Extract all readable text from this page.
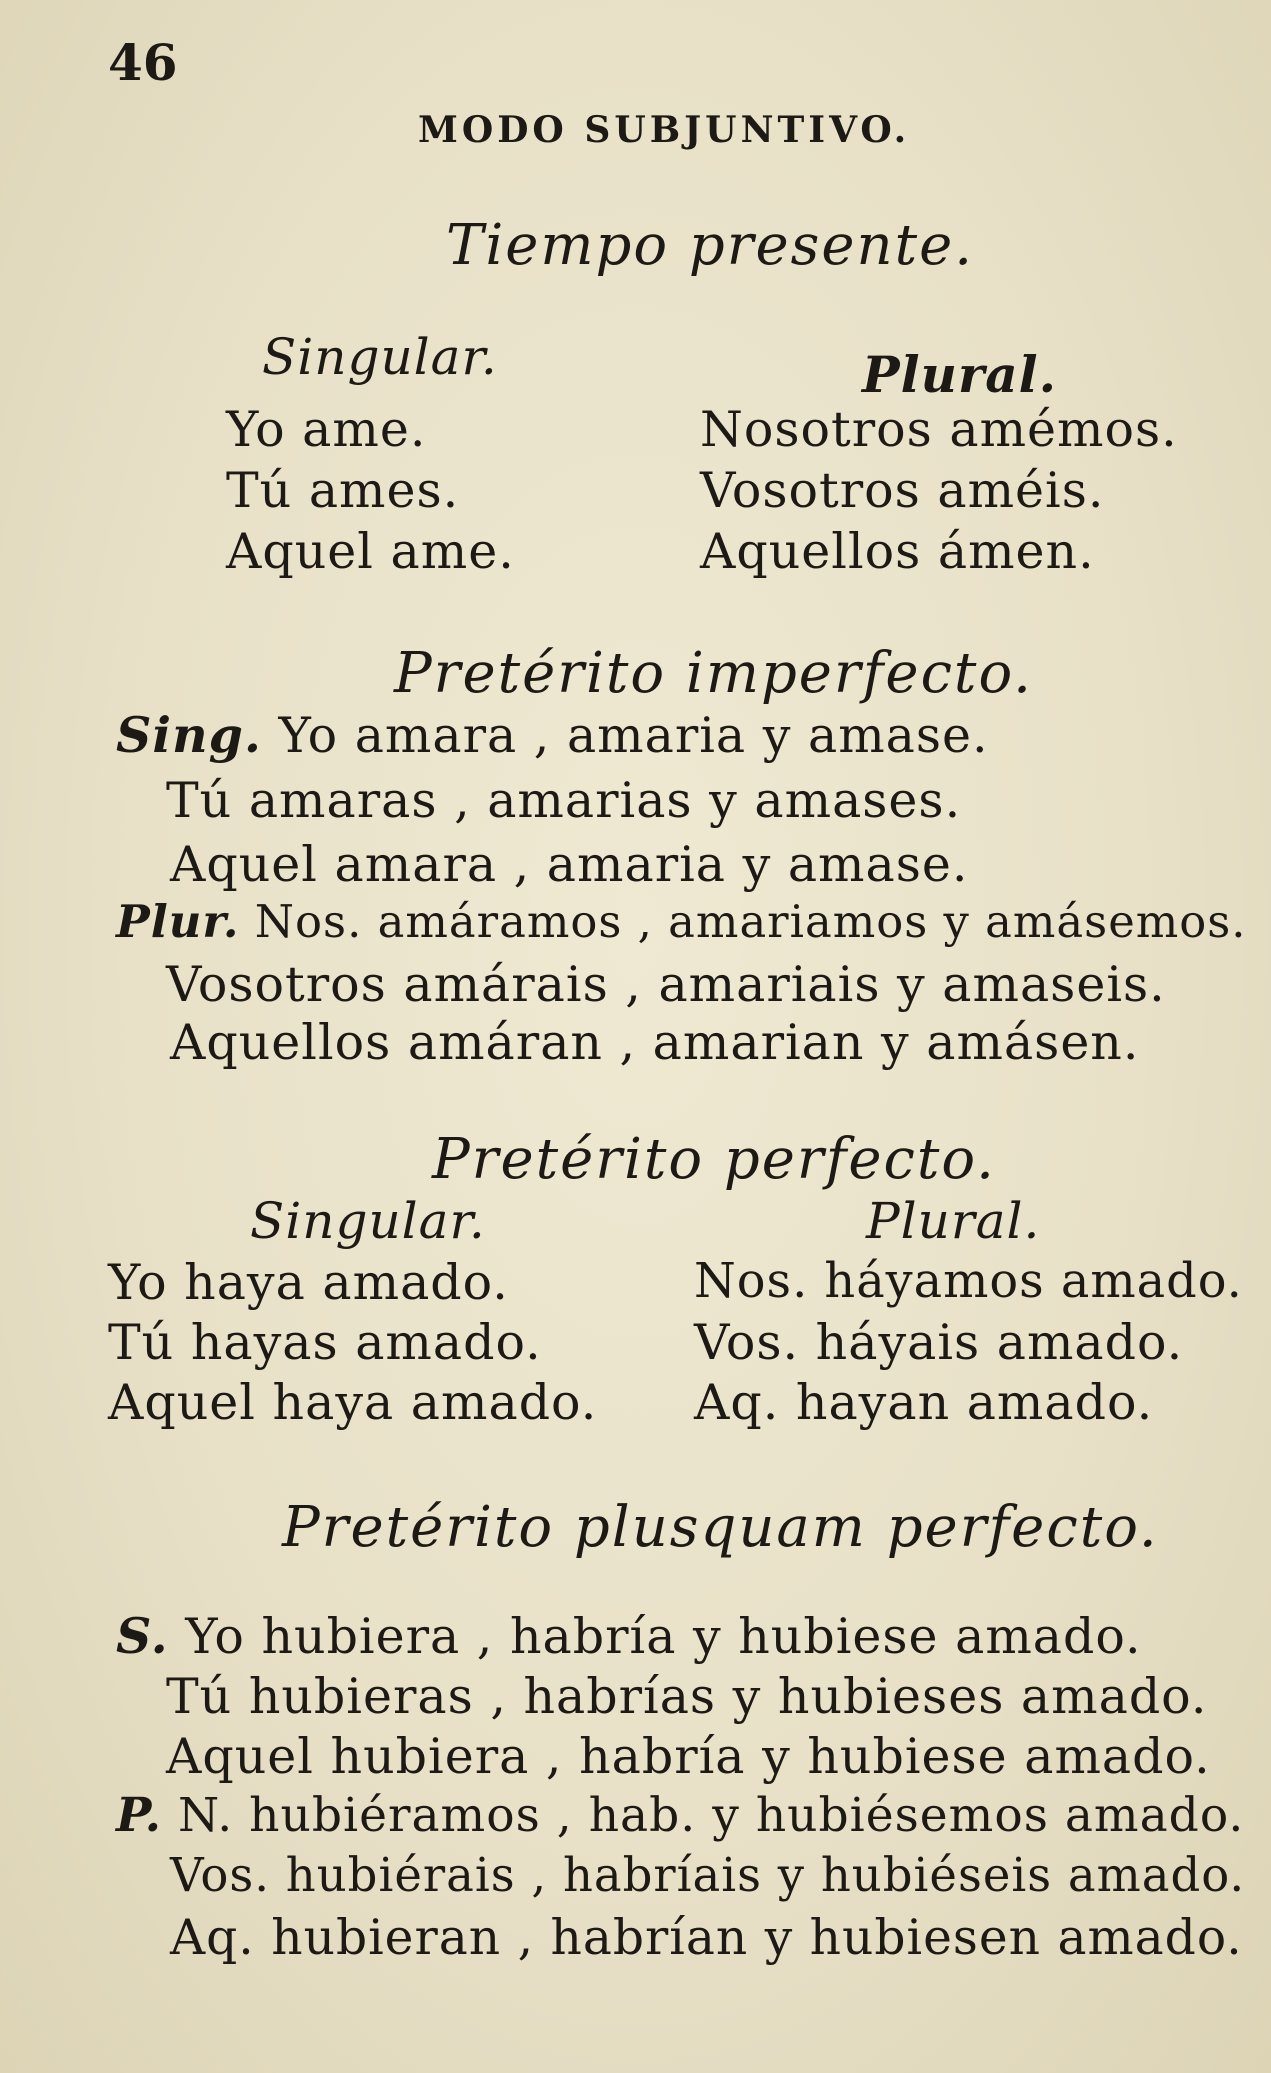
46
MODO SUBJUNTIVO.
Tiempo presente.
Singular.	Plural.
Yo ame.
Tú ames.
Aquel ame.
Nosotros amémos.
Vosotros améis.
Aquellos ámen.
Pretérito imperfecto.
Sing. Yo amara , amaria y amase.
Tú amaras , amarias y amases.
Aquel amara , amaria y amase.
Plur. Nos. amáramos , amariamos y amásemos.
Vosotros amárais , amariais y amaseis.
Aquellos amáran , amarian y amásen.
Pretérito perfecto.
Singular.	Plural.
Yo haya amado.
Tú hayas amado.
Aquel haya amado.
Nos. háyamos amado.
Vos. háyais amado.
Aq. hayan amado.
Pretérito plusquam perfecto.
S. Yo hubiera , habría y hubiese amado.
Tú hubieras , habrías y hubieses amado.
Aquel hubiera , habría y hubiese amado.
P. N. hubiéramos , hab. y hubiésemos amado.
Vos. hubiérais , habríais y hubiéseis amado.
Aq. hubieran , habrían y hubiesen amado.
